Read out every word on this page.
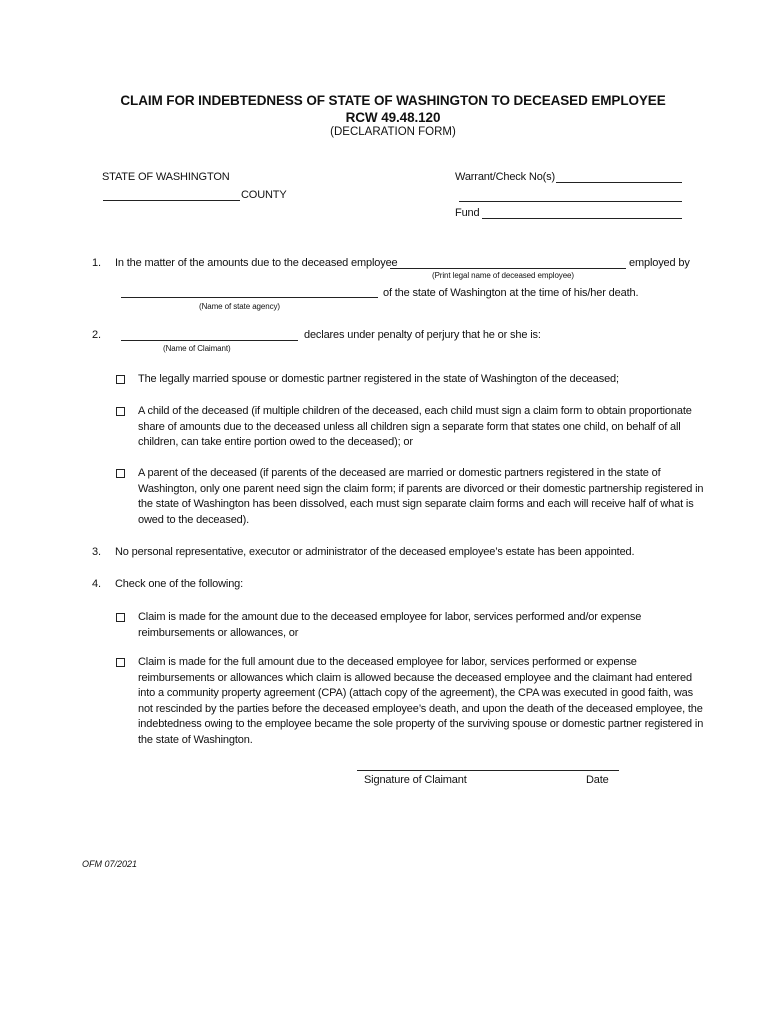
CLAIM FOR INDEBTEDNESS OF STATE OF WASHINGTON TO DECEASED EMPLOYEE
RCW 49.48.120
(DECLARATION FORM)
STATE OF WASHINGTON
COUNTY
Warrant/Check No(s)
Fund
1. In the matter of the amounts due to the deceased employee	employed by
(Print legal name of deceased employee)
of the state of Washington at the time of his/her death.
(Name of state agency)
2.	declares under penalty of perjury that he or she is:
(Name of Claimant)
The legally married spouse or domestic partner registered in the state of Washington of the deceased;
A child of the deceased (if multiple children of the deceased, each child must sign a claim form to obtain proportionate share of amounts due to the deceased unless all children sign a separate form that states one child, on behalf of all children, can take entire portion owed to the deceased); or
A parent of the deceased (if parents of the deceased are married or domestic partners registered in the state of Washington, only one parent need sign the claim form; if parents are divorced or their domestic partnership registered in the state of Washington has been dissolved, each must sign separate claim forms and each will receive half of what is owed to the deceased).
3. No personal representative, executor or administrator of the deceased employee’s estate has been appointed.
4. Check one of the following:
Claim is made for the amount due to the deceased employee for labor, services performed and/or expense reimbursements or allowances, or
Claim is made for the full amount due to the deceased employee for labor, services performed or expense reimbursements or allowances which claim is allowed because the deceased employee and the claimant had entered into a community property agreement (CPA) (attach copy of the agreement), the CPA was executed in good faith, was not rescinded by the parties before the deceased employee’s death, and upon the death of the deceased employee, the indebtedness owing to the employee became the sole property of the surviving spouse or domestic partner registered in the state of Washington.
Signature of Claimant	Date
OFM 07/2021
